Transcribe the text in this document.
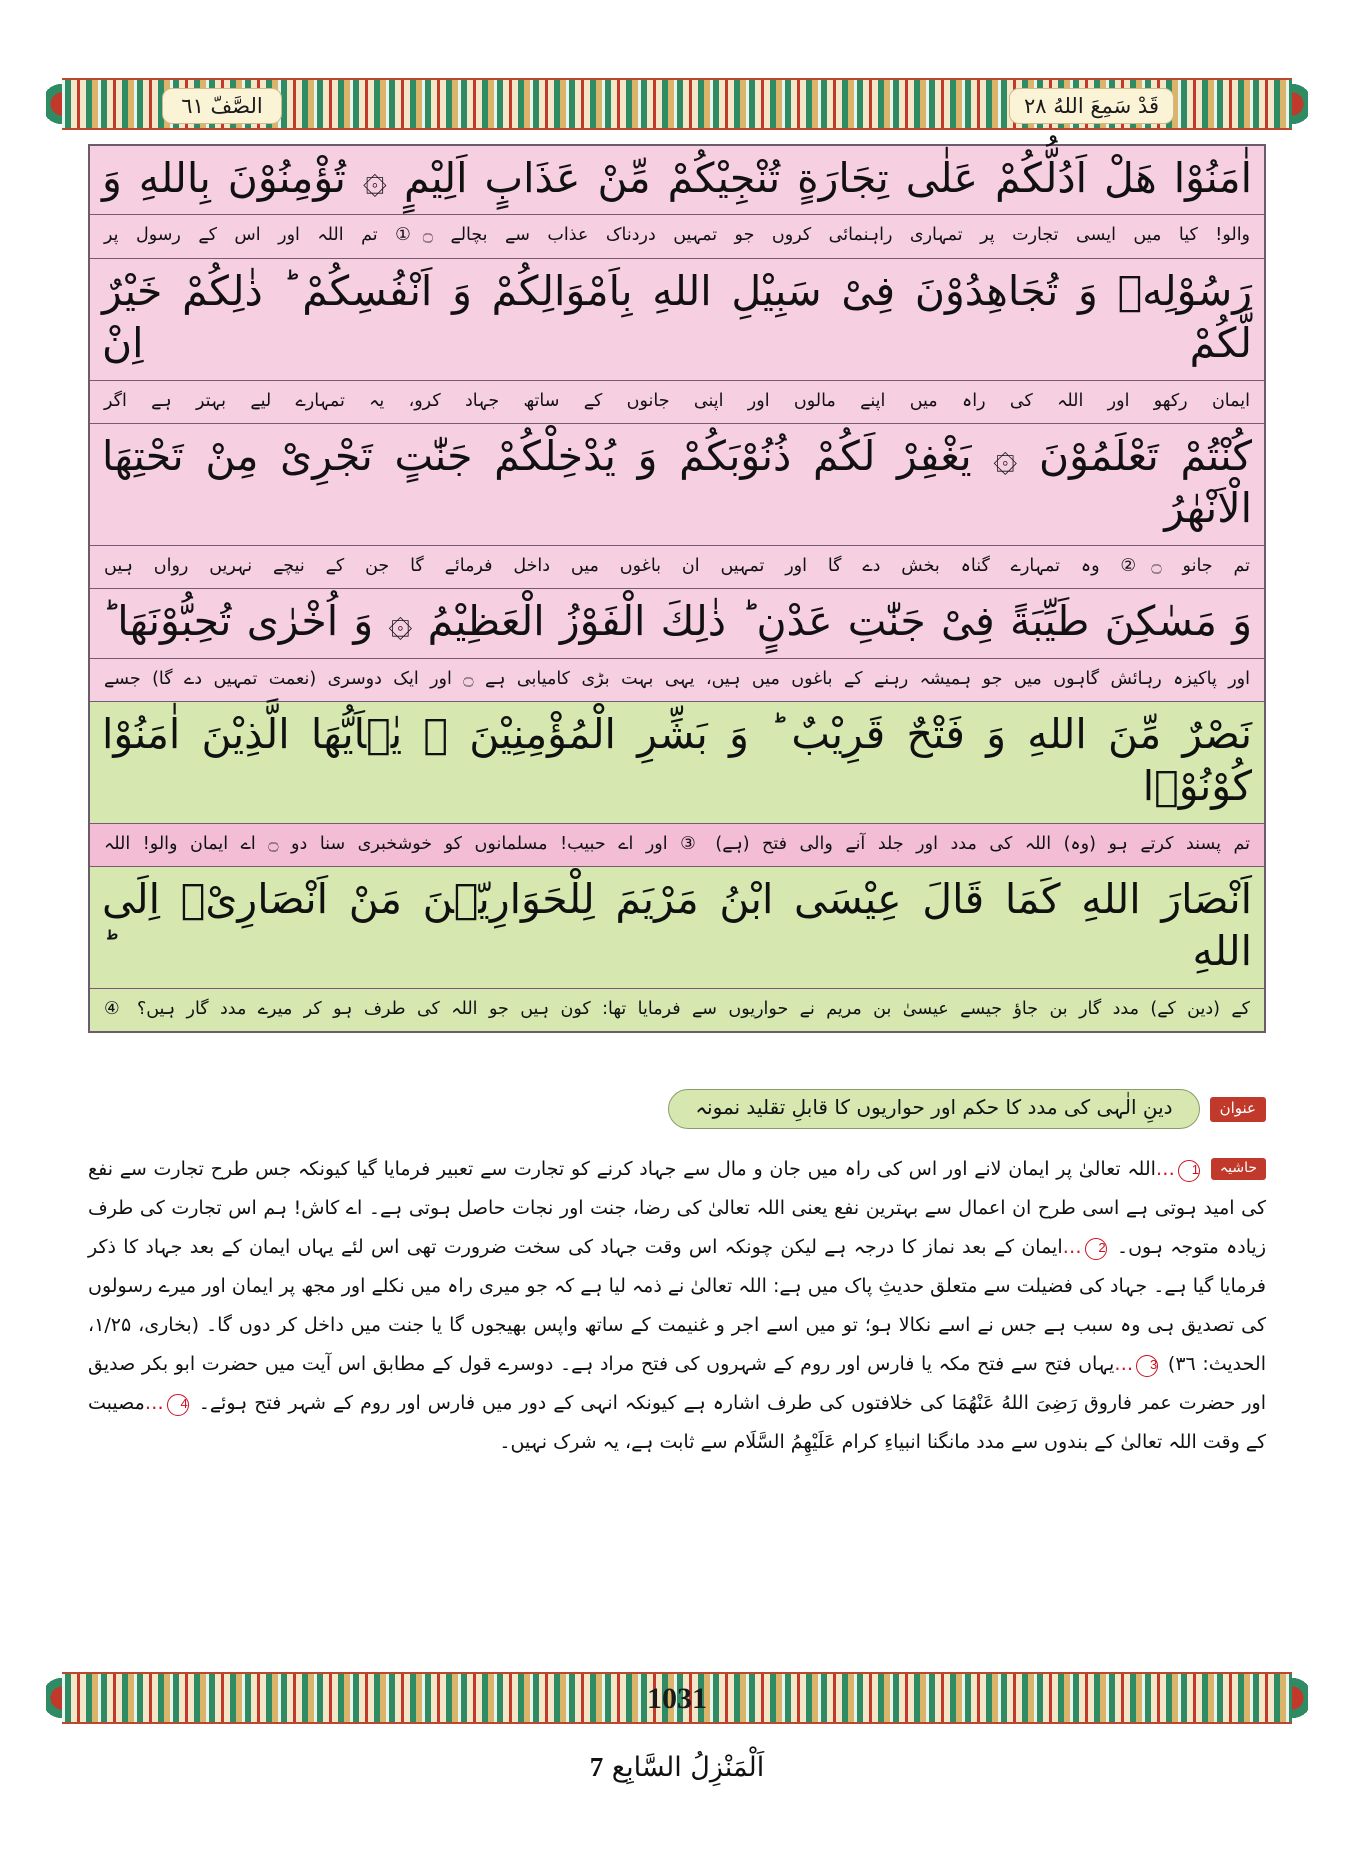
الصَّفّ ٦١	قَدْ سَمِعَ اللهُ ٢٨
اٰمَنُوْا هَلْ اَدُلُّكُمْ عَلٰى تِجَارَةٍ تُنْجِيْكُمْ مِّنْ عَذَابٍ اَلِيْمٍ ۞ تُؤْمِنُوْنَ بِاللهِ وَ
والو! کیا میں ایسی تجارت پر تمہاری راہنمائی کروں جو تمہیں دردناک عذاب سے بچالے ۝① تم اللہ اور اس کے رسول پر
رَسُوْلِهٖ وَ تُجَاهِدُوْنَ فِىْ سَبِيْلِ اللهِ بِاَمْوَالِكُمْ وَ اَنْفُسِكُمْ ؕ ذٰلِكُمْ خَيْرٌ لَّكُمْ اِنْ
ایمان رکھو اور اللہ کی راہ میں اپنے مالوں اور اپنی جانوں کے ساتھ جہاد کرو، یہ تمہارے لیے بہتر ہے اگر
كُنْتُمْ تَعْلَمُوْنَ ۞ يَغْفِرْ لَكُمْ ذُنُوْبَكُمْ وَ يُدْخِلْكُمْ جَنّٰتٍ تَجْرِىْ مِنْ تَحْتِهَا الْاَنْهٰرُ
تم جانو ۝② وہ تمہارے گناہ بخش دے گا اور تمہیں ان باغوں میں داخل فرمائے گا جن کے نیچے نہریں رواں ہیں
وَ مَسٰكِنَ طَيِّبَةً فِىْ جَنّٰتِ عَدْنٍ ؕ ذٰلِكَ الْفَوْزُ الْعَظِيْمُ ۞ وَ اُخْرٰى تُحِبُّوْنَهَا ؕ
اور پاکیزہ رہائش گاہوں میں جو ہمیشہ رہنے کے باغوں میں ہیں، یہی بہت بڑی کامیابی ہے ۝ اور ایک دوسری (نعمت تمہیں دے گا) جسے
نَصْرٌ مِّنَ اللهِ وَ فَتْحٌ قَرِيْبٌ ؕ وَ بَشِّرِ الْمُؤْمِنِيْنَ ۞ يٰۤاَيُّهَا الَّذِيْنَ اٰمَنُوْا كُوْنُوْۤا
تم پسند کرتے ہو (وہ) اللہ کی مدد اور جلد آنے والی فتح (ہے) ③ اور اے حبیب! مسلمانوں کو خوشخبری سنا دو ۝ اے ایمان والو! اللہ
اَنْصَارَ اللهِ كَمَا قَالَ عِيْسَى ابْنُ مَرْيَمَ لِلْحَوَارِيّٖنَ مَنْ اَنْصَارِىْۤ اِلَى اللهِ ؕ
کے (دین کے) مدد گار بن جاؤ جیسے عیسیٰ بن مریم نے حواریوں سے فرمایا تھا: کون ہیں جو اللہ کی طرف ہو کر میرے مدد گار ہیں؟ ④
عنوان
دینِ الٰہی کی مدد کا حکم اور حواریوں کا قابلِ تقلید نمونہ
حاشیہ1…اللہ تعالیٰ پر ایمان لانے اور اس کی راہ میں جان و مال سے جہاد کرنے کو تجارت سے تعبیر فرمایا گیا کیونکہ جس طرح تجارت سے نفع کی امید ہوتی ہے اسی طرح ان اعمال سے بہترین نفع یعنی اللہ تعالیٰ کی رضا، جنت اور نجات حاصل ہوتی ہے۔ اے کاش! ہم اس تجارت کی طرف زیادہ متوجہ ہوں۔ 2…ایمان کے بعد نماز کا درجہ ہے لیکن چونکہ اس وقت جہاد کی سخت ضرورت تھی اس لئے یہاں ایمان کے بعد جہاد کا ذکر فرمایا گیا ہے۔ جہاد کی فضیلت سے متعلق حدیثِ پاک میں ہے: اللہ تعالیٰ نے ذمہ لیا ہے کہ جو میری راہ میں نکلے اور مجھ پر ایمان اور میرے رسولوں کی تصدیق ہی وہ سبب ہے جس نے اسے نکالا ہو؛ تو میں اسے اجر و غنیمت کے ساتھ واپس بھیجوں گا یا جنت میں داخل کر دوں گا۔ (بخاری، ۱/۲۵، الحدیث: ۳٦) 3…یہاں فتح سے فتح مکہ یا فارس اور روم کے شہروں کی فتح مراد ہے۔ دوسرے قول کے مطابق اس آیت میں حضرت ابو بکر صدیق اور حضرت عمر فاروق رَضِیَ اللهُ عَنْهُمَا کی خلافتوں کی طرف اشارہ ہے کیونکہ انہی کے دور میں فارس اور روم کے شہر فتح ہوئے۔ 4…مصیبت کے وقت اللہ تعالیٰ کے بندوں سے مدد مانگنا انبیاءِ کرام عَلَیْهِمُ السَّلَام سے ثابت ہے، یہ شرک نہیں۔
1031
اَلْمَنْزِلُ السَّابِع 7
